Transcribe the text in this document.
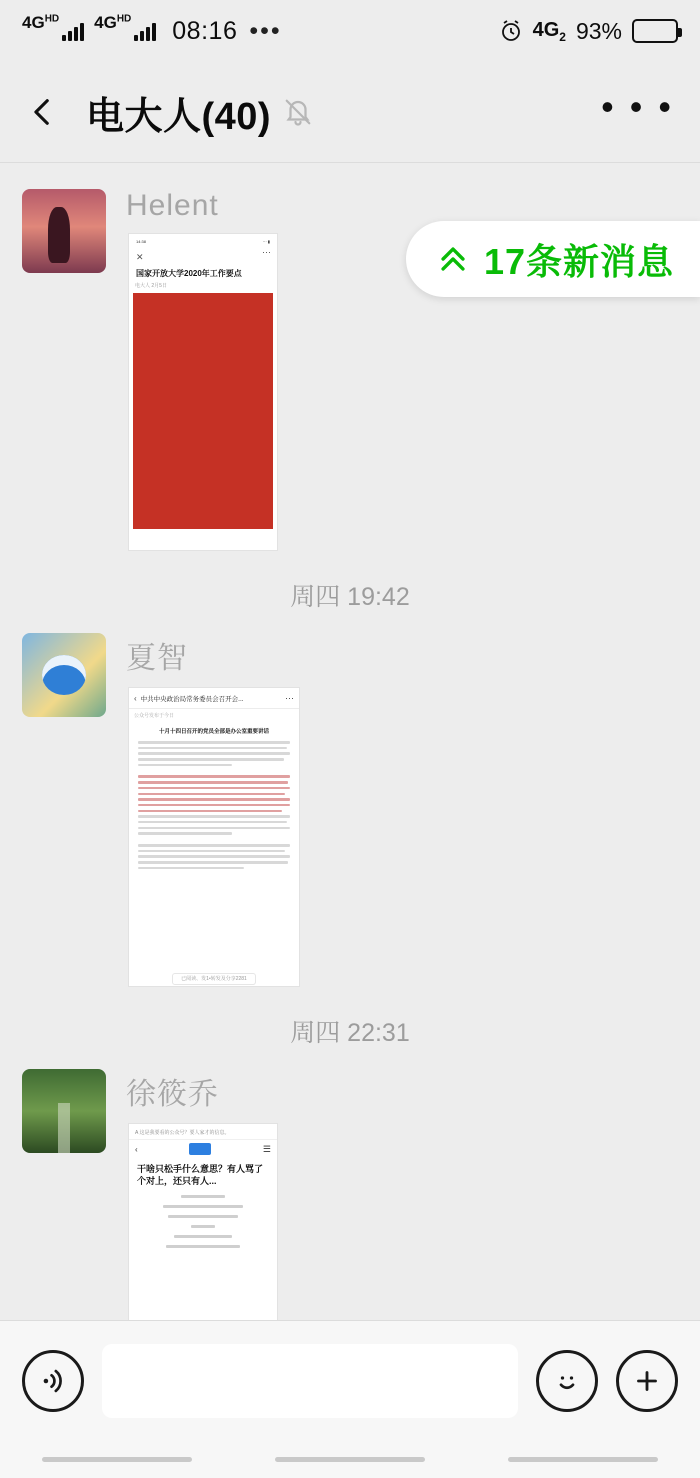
$4G^{HD}$ $4G^{HD}$ 08:16 •••	$4G_2$ 93%
电大人(40)	• • •
Helent
14:38	⋯ ▮
✕	⋯
国家开放大学2020年工作要点
电大人 2月5日

周四 19:42
夏智
‹ 中共中央政治局常务委员会召开会...	⋯
公众号发布于今日
十月十四日召开的党员全部是办公室重要讲话
已阅读、发1•转发及分享2281
周四 22:31
徐筱乔
A 这是我要看的公众号？要人家才的信息。
‹	☰
干啥只松手什么意思？有人骂了个对上，还只有人...
17条新消息
